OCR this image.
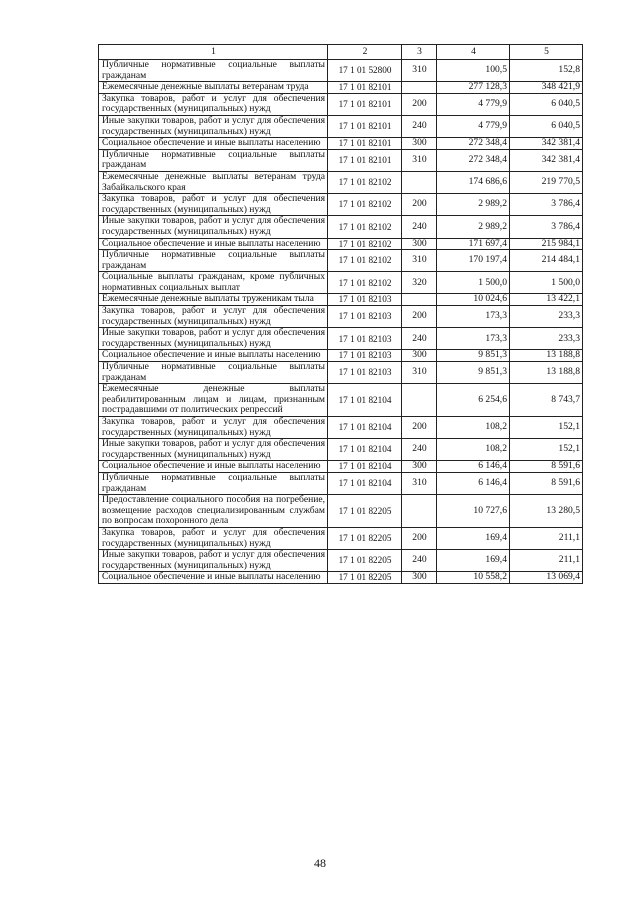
1	2	3	4	5
Публичные нормативные социальные выплаты гражданам	17 1 01 52800	310	100,5	152,8
Ежемесячные денежные выплаты ветеранам труда	17 1 01 82101		277 128,3	348 421,9
Закупка товаров, работ и услуг для обеспечения государственных (муниципальных) нужд	17 1 01 82101	200	4 779,9	6 040,5
Иные закупки товаров, работ и услуг для обеспечения государственных (муниципальных) нужд	17 1 01 82101	240	4 779,9	6 040,5
Социальное обеспечение и иные выплаты населению	17 1 01 82101	300	272 348,4	342 381,4
Публичные нормативные социальные выплаты гражданам	17 1 01 82101	310	272 348,4	342 381,4
Ежемесячные денежные выплаты ветеранам труда Забайкальского края	17 1 01 82102		174 686,6	219 770,5
Закупка товаров, работ и услуг для обеспечения государственных (муниципальных) нужд	17 1 01 82102	200	2 989,2	3 786,4
Иные закупки товаров, работ и услуг для обеспечения государственных (муниципальных) нужд	17 1 01 82102	240	2 989,2	3 786,4
Социальное обеспечение и иные выплаты населению	17 1 01 82102	300	171 697,4	215 984,1
Публичные нормативные социальные выплаты гражданам	17 1 01 82102	310	170 197,4	214 484,1
Социальные выплаты гражданам, кроме публичных нормативных социальных выплат	17 1 01 82102	320	1 500,0	1 500,0
Ежемесячные денежные выплаты труженикам тыла	17 1 01 82103		10 024,6	13 422,1
Закупка товаров, работ и услуг для обеспечения государственных (муниципальных) нужд	17 1 01 82103	200	173,3	233,3
Иные закупки товаров, работ и услуг для обеспечения государственных (муниципальных) нужд	17 1 01 82103	240	173,3	233,3
Социальное обеспечение и иные выплаты населению	17 1 01 82103	300	9 851,3	13 188,8
Публичные нормативные социальные выплаты гражданам	17 1 01 82103	310	9 851,3	13 188,8
Ежемесячные денежные выплаты реабилитированным лицам и лицам, признанным пострадавшими от политических репрессий	17 1 01 82104		6 254,6	8 743,7
Закупка товаров, работ и услуг для обеспечения государственных (муниципальных) нужд	17 1 01 82104	200	108,2	152,1
Иные закупки товаров, работ и услуг для обеспечения государственных (муниципальных) нужд	17 1 01 82104	240	108,2	152,1
Социальное обеспечение и иные выплаты населению	17 1 01 82104	300	6 146,4	8 591,6
Публичные нормативные социальные выплаты гражданам	17 1 01 82104	310	6 146,4	8 591,6
Предоставление социального пособия на погребение, возмещение расходов специализированным службам по вопросам похоронного дела	17 1 01 82205		10 727,6	13 280,5
Закупка товаров, работ и услуг для обеспечения государственных (муниципальных) нужд	17 1 01 82205	200	169,4	211,1
Иные закупки товаров, работ и услуг для обеспечения государственных (муниципальных) нужд	17 1 01 82205	240	169,4	211,1
Социальное обеспечение и иные выплаты населению	17 1 01 82205	300	10 558,2	13 069,4
48
